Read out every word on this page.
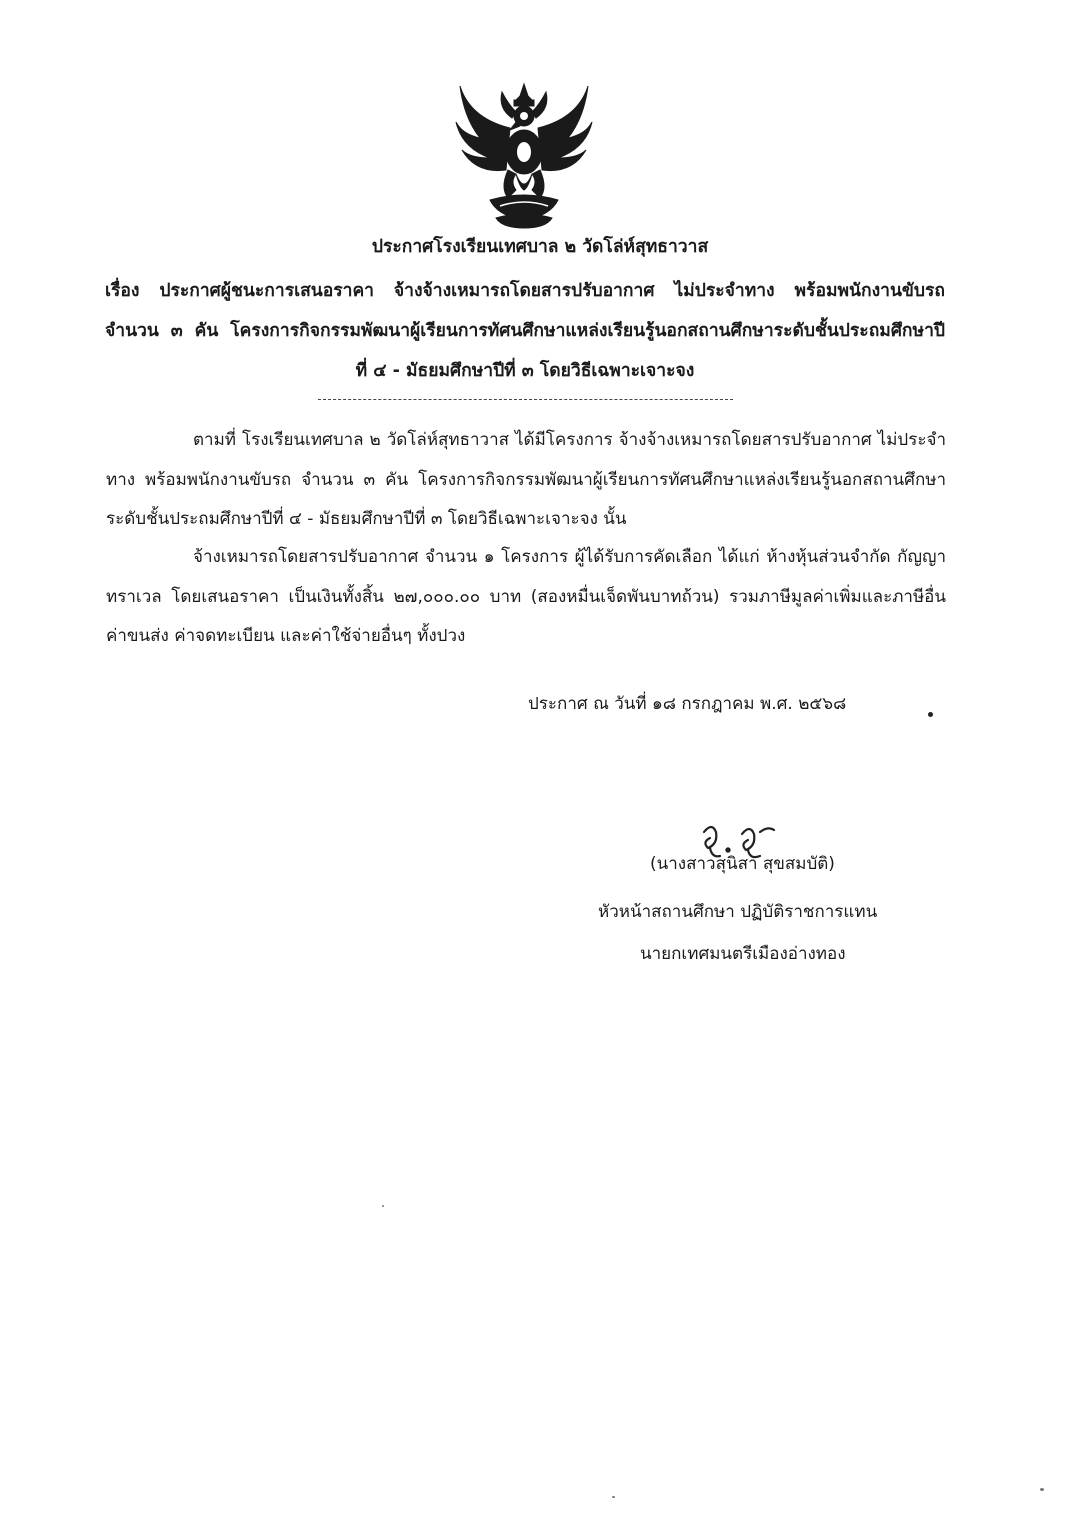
ประกาศโรงเรียนเทศบาล ๒ วัดโล่ห์สุทธาวาส
เรื่อง ประกาศผู้ชนะการเสนอราคา จ้างจ้างเหมารถโดยสารปรับอากาศ ไม่ประจำทาง พร้อมพนักงานขับรถ จำนวน ๓ คัน โครงการกิจกรรมพัฒนาผู้เรียนการทัศนศึกษาแหล่งเรียนรู้นอกสถานศึกษาระดับชั้นประถมศึกษาปี ที่ ๔ - มัธยมศึกษาปีที่ ๓ โดยวิธีเฉพาะเจาะจง
ตามที่ โรงเรียนเทศบาล ๒ วัดโล่ห์สุทธาวาส ได้มีโครงการ จ้างจ้างเหมารถโดยสารปรับอากาศ ไม่ประจำทาง พร้อมพนักงานขับรถ จำนวน ๓ คัน โครงการกิจกรรมพัฒนาผู้เรียนการทัศนศึกษาแหล่งเรียนรู้นอกสถานศึกษาระดับชั้นประถมศึกษาปีที่ ๔ - มัธยมศึกษาปีที่ ๓ โดยวิธีเฉพาะเจาะจง นั้น
จ้างเหมารถโดยสารปรับอากาศ จำนวน ๑ โครงการ ผู้ได้รับการคัดเลือก ได้แก่ ห้างหุ้นส่วนจำกัด กัญญาทราเวล โดยเสนอราคา เป็นเงินทั้งสิ้น ๒๗,๐๐๐.๐๐ บาท (สองหมื่นเจ็ดพันบาทถ้วน) รวมภาษีมูลค่าเพิ่มและภาษีอื่น ค่าขนส่ง ค่าจดทะเบียน และค่าใช้จ่ายอื่นๆ ทั้งปวง
ประกาศ ณ วันที่ ๑๘ กรกฎาคม พ.ศ. ๒๕๖๘
(นางสาวสุนิสา สุขสมบัติ)
หัวหน้าสถานศึกษา ปฏิบัติราชการแทน
นายกเทศมนตรีเมืองอ่างทอง
